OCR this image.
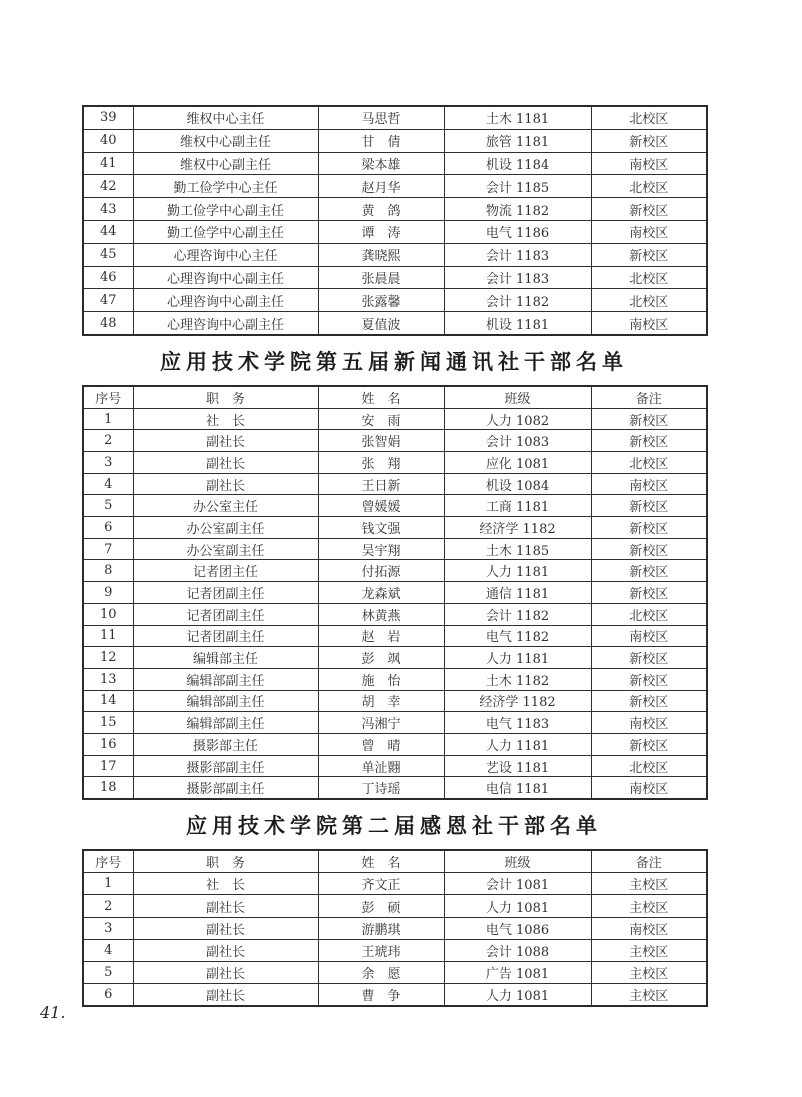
39	维权中心主任	马思哲	土木 1181	北校区
40	维权中心副主任	甘　倩	旅管 1181	新校区
41	维权中心副主任	梁本雄	机设 1184	南校区
42	勤工俭学中心主任	赵月华	会计 1185	北校区
43	勤工俭学中心副主任	黄　鸽	物流 1182	新校区
44	勤工俭学中心副主任	谭　涛	电气 1186	南校区
45	心理咨询中心主任	龚晓熙	会计 1183	新校区
46	心理咨询中心副主任	张晨晨	会计 1183	北校区
47	心理咨询中心副主任	张露馨	会计 1182	北校区
48	心理咨询中心副主任	夏值波	机设 1181	南校区
应用技术学院第五届新闻通讯社干部名单
序号	职　务	姓　名	班级	备注
1	社　长	安　雨	人力 1082	新校区
2	副社长	张智娟	会计 1083	新校区
3	副社长	张　翔	应化 1081	北校区
4	副社长	王日新	机设 1084	南校区
5	办公室主任	曾媛媛	工商 1181	新校区
6	办公室副主任	钱文强	经济学 1182	新校区
7	办公室副主任	吴宇翔	土木 1185	新校区
8	记者团主任	付拓源	人力 1181	新校区
9	记者团副主任	龙森斌	通信 1181	新校区
10	记者团副主任	林黄燕	会计 1182	北校区
11	记者团副主任	赵　岩	电气 1182	南校区
12	编辑部主任	彭　飒	人力 1181	新校区
13	编辑部副主任	施　怡	土木 1182	新校区
14	编辑部副主任	胡　幸	经济学 1182	新校区
15	编辑部副主任	冯湘宁	电气 1183	南校区
16	摄影部主任	曾　晴	人力 1181	新校区
17	摄影部副主任	单沚翾	艺设 1181	北校区
18	摄影部副主任	丁诗瑶	电信 1181	南校区
应用技术学院第二届感恩社干部名单
序号	职　务	姓　名	班级	备注
1	社　长	齐文正	会计 1081	主校区
2	副社长	彭　硕	人力 1081	主校区
3	副社长	游鹏琪	电气 1086	南校区
4	副社长	王琥玮	会计 1088	主校区
5	副社长	余　愿	广告 1081	主校区
6	副社长	曹　争	人力 1081	主校区
41.
